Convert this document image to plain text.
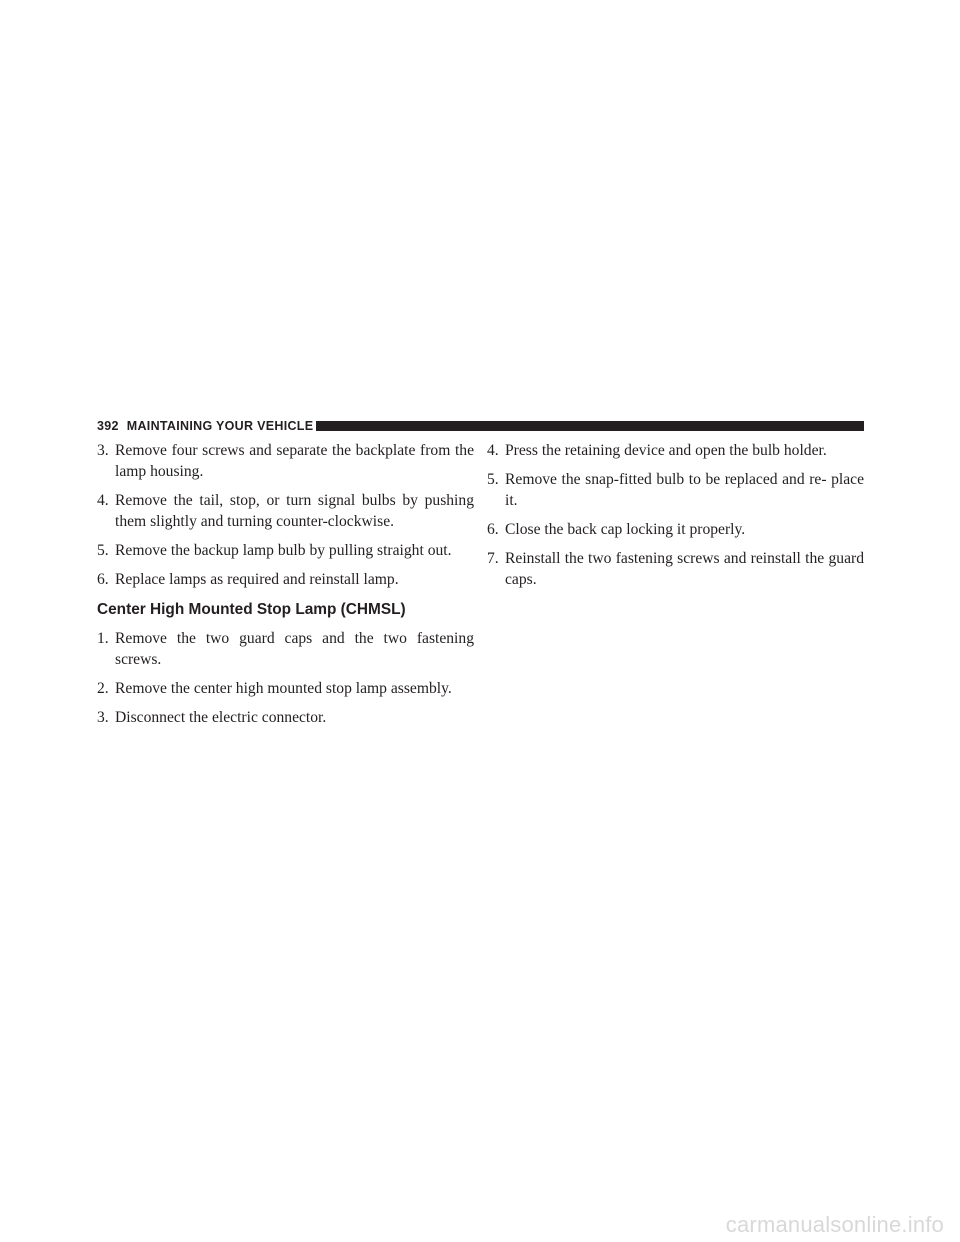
392 MAINTAINING YOUR VEHICLE
3. Remove four screws and separate the backplate from the lamp housing.
4. Remove the tail, stop, or turn signal bulbs by pushing them slightly and turning counter-clockwise.
5. Remove the backup lamp bulb by pulling straight out.
6. Replace lamps as required and reinstall lamp.
Center High Mounted Stop Lamp (CHMSL)
1. Remove the two guard caps and the two fastening screws.
2. Remove the center high mounted stop lamp assembly.
3. Disconnect the electric connector.
4. Press the retaining device and open the bulb holder.
5. Remove the snap-fitted bulb to be replaced and re- place it.
6. Close the back cap locking it properly.
7. Reinstall the two fastening screws and reinstall the guard caps.
carmanualsonline.info
